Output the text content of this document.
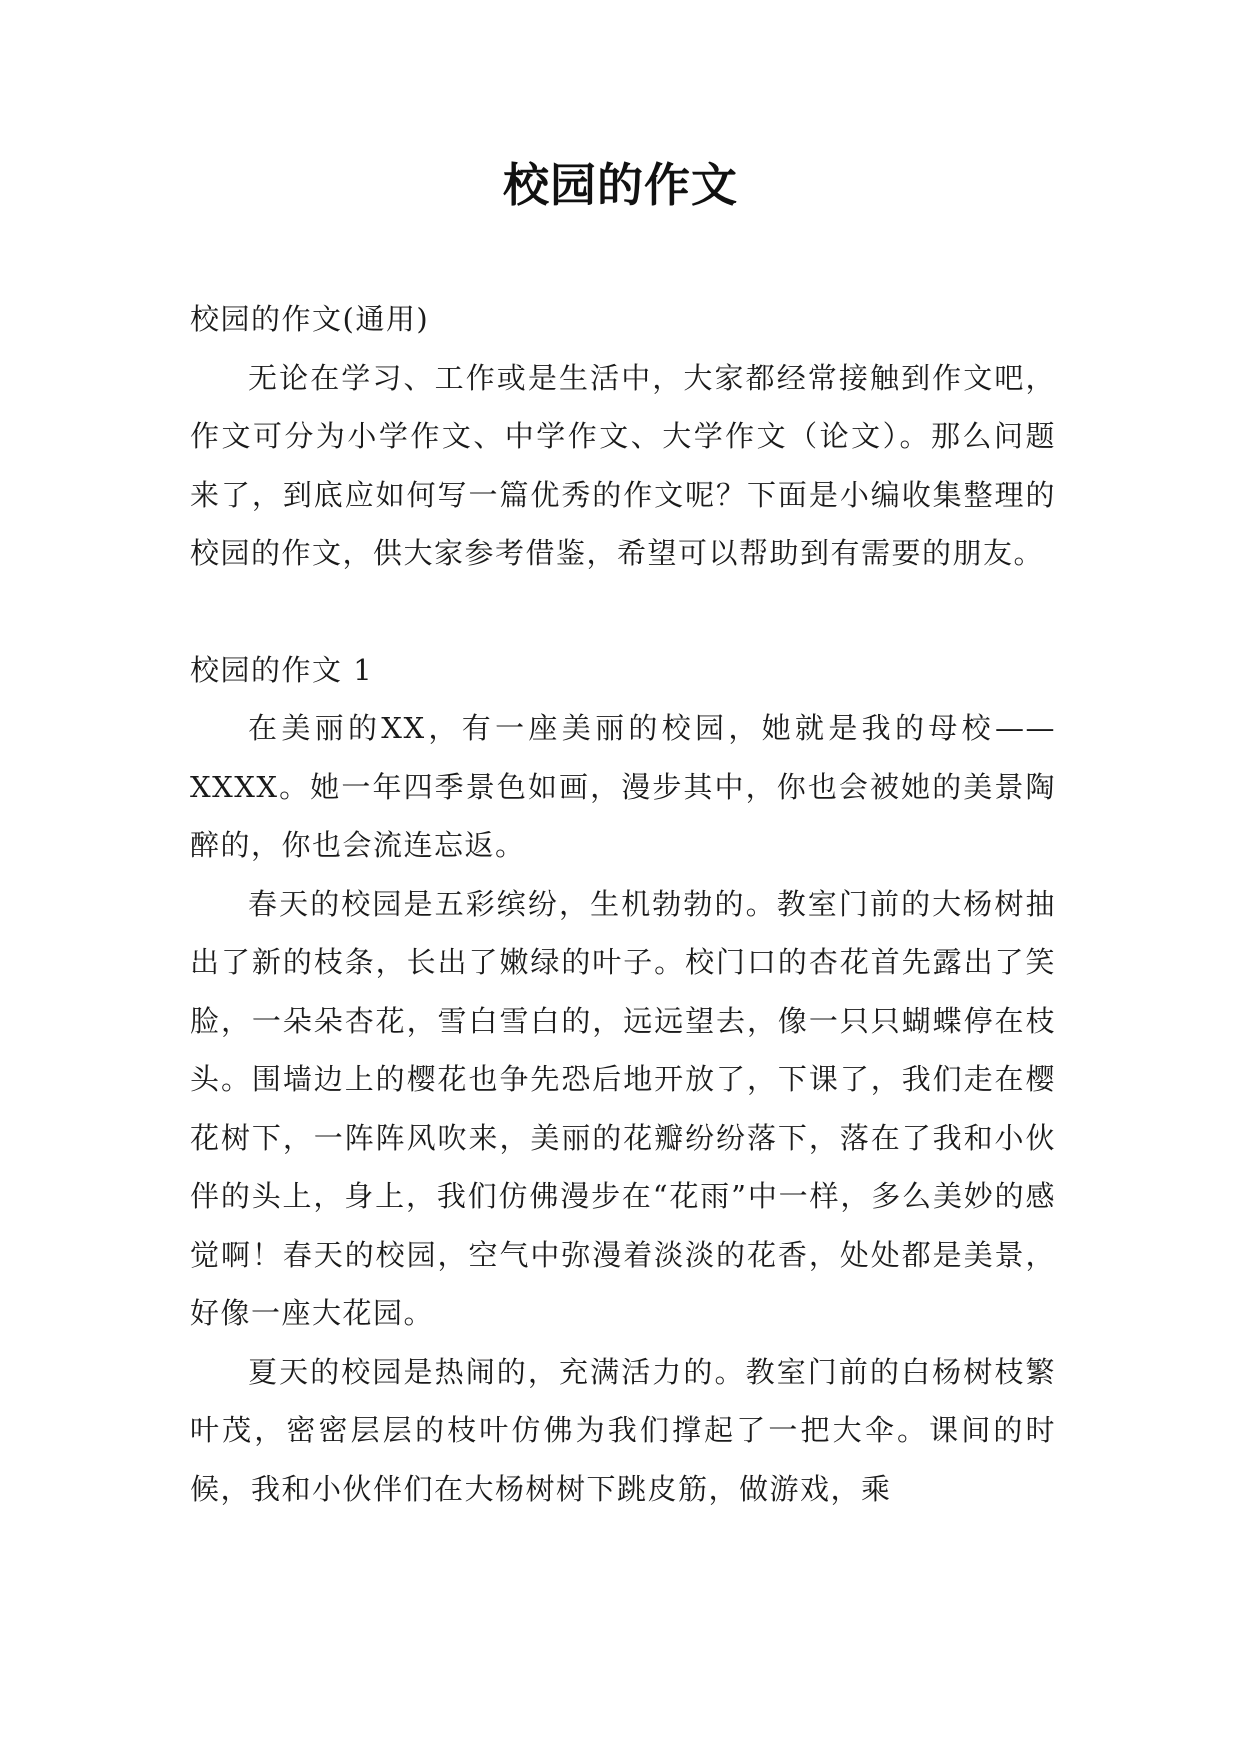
校园的作文

校园的作文(通用)

无论在学习、工作或是生活中，大家都经常接触到作文吧，作文可分为小学作文、中学作文、大学作文（论文）。那么问题来了，到底应如何写一篇优秀的作文呢？下面是小编收集整理的校园的作文，供大家参考借鉴，希望可以帮助到有需要的朋友。

校园的作文 1

在美丽的XX，有一座美丽的校园，她就是我的母校——XXXX。她一年四季景色如画，漫步其中，你也会被她的美景陶醉的，你也会流连忘返。

春天的校园是五彩缤纷，生机勃勃的。教室门前的大杨树抽出了新的枝条，长出了嫩绿的叶子。校门口的杏花首先露出了笑脸，一朵朵杏花，雪白雪白的，远远望去，像一只只蝴蝶停在枝头。围墙边上的樱花也争先恐后地开放了，下课了，我们走在樱花树下，一阵阵风吹来，美丽的花瓣纷纷落下，落在了我和小伙伴的头上，身上，我们仿佛漫步在“花雨”中一样，多么美妙的感觉啊！春天的校园，空气中弥漫着淡淡的花香，处处都是美景，好像一座大花园。

夏天的校园是热闹的，充满活力的。教室门前的白杨树枝繁叶茂，密密层层的枝叶仿佛为我们撑起了一把大伞。课间的时候，我和小伙伴们在大杨树树下跳皮筋，做游戏，乘
